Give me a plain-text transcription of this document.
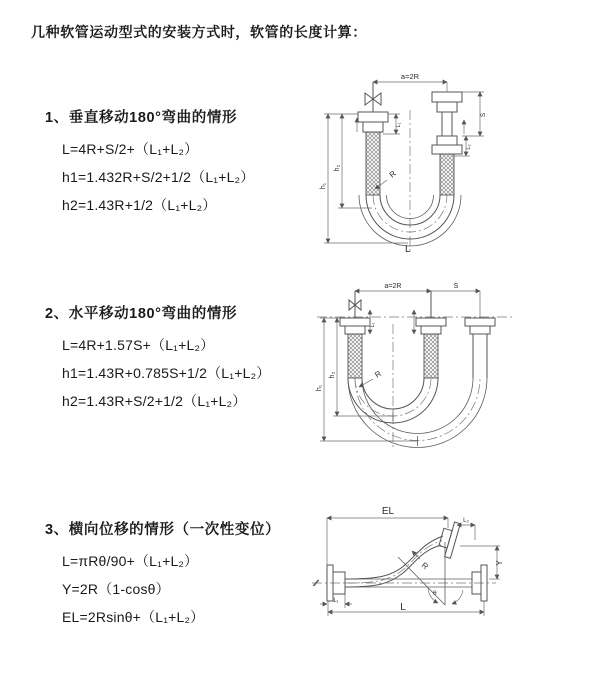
几种软管运动型式的安装方式时，软管的长度计算：
1、垂直移动180°弯曲的情形
L=4R+S/2+（L₁+L₂）
h1=1.432R+S/2+1/2（L₁+L₂）
h2=1.43R+1/2（L₁+L₂）
2、水平移动180°弯曲的情形
L=4R+1.57S+（L₁+L₂）
h1=1.43R+0.785S+1/2（L₁+L₂）
h2=1.43R+S/2+1/2（L₁+L₂）
3、横向位移的情形（一次性变位）
L=πRθ/90+（L₁+L₂）
Y=2R（1-cosθ）
EL=2Rsinθ+（L₁+L₂）
a=2R
h₁
h₂
L₁
S
L₂
R
L
a=2R	S
h₁
h₂
L₁
R
θ
R
EL
L₂
Y
L₁
L
